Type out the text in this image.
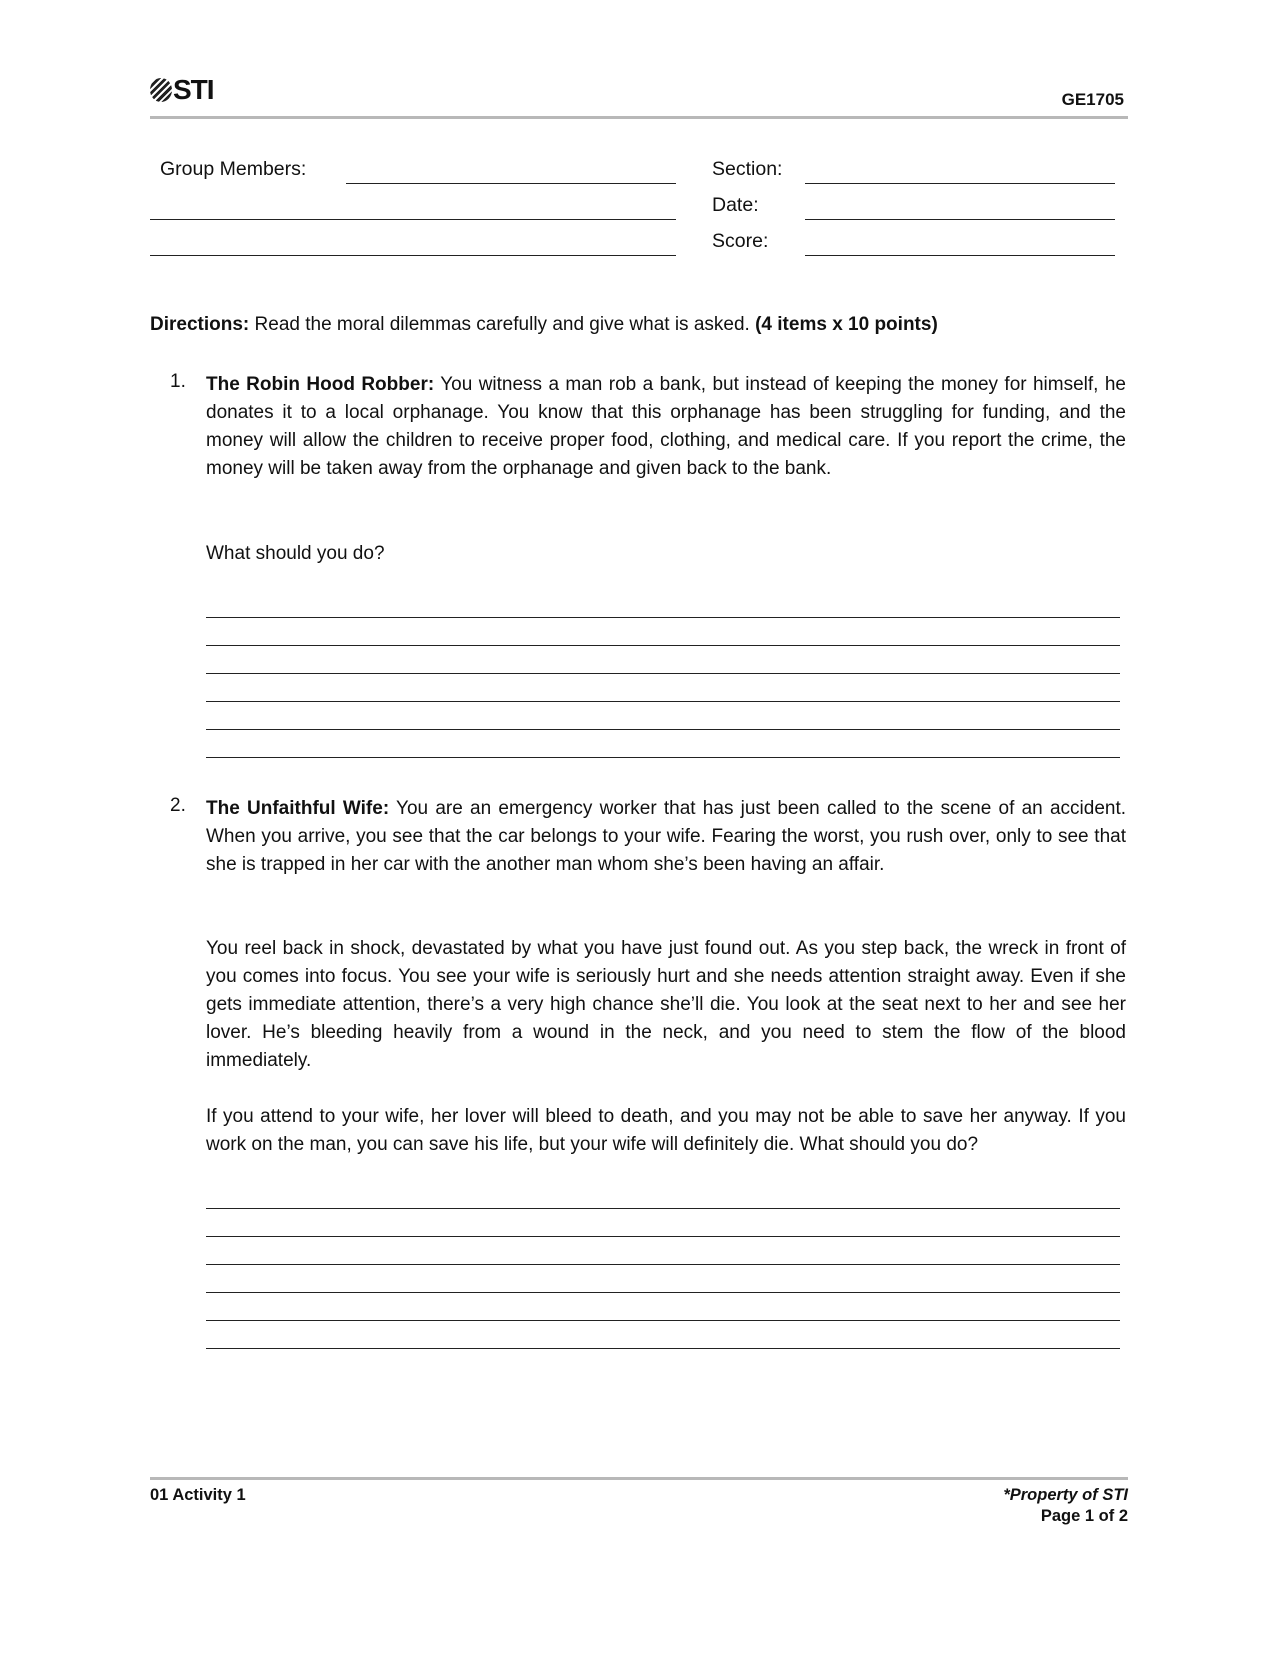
STI	GE1705
Group Members:	Section:
Date:
Score:
Directions: Read the moral dilemmas carefully and give what is asked. (4 items x 10 points)
1. The Robin Hood Robber: You witness a man rob a bank, but instead of keeping the money for himself, he donates it to a local orphanage. You know that this orphanage has been struggling for funding, and the money will allow the children to receive proper food, clothing, and medical care. If you report the crime, the money will be taken away from the orphanage and given back to the bank.
What should you do?
2. The Unfaithful Wife: You are an emergency worker that has just been called to the scene of an accident. When you arrive, you see that the car belongs to your wife. Fearing the worst, you rush over, only to see that she is trapped in her car with the another man whom she’s been having an affair.
You reel back in shock, devastated by what you have just found out. As you step back, the wreck in front of you comes into focus. You see your wife is seriously hurt and she needs attention straight away. Even if she gets immediate attention, there’s a very high chance she’ll die. You look at the seat next to her and see her lover. He’s bleeding heavily from a wound in the neck, and you need to stem the flow of the blood immediately.
If you attend to your wife, her lover will bleed to death, and you may not be able to save her anyway. If you work on the man, you can save his life, but your wife will definitely die. What should you do?
01 Activity 1	*Property of STI
Page 1 of 2
